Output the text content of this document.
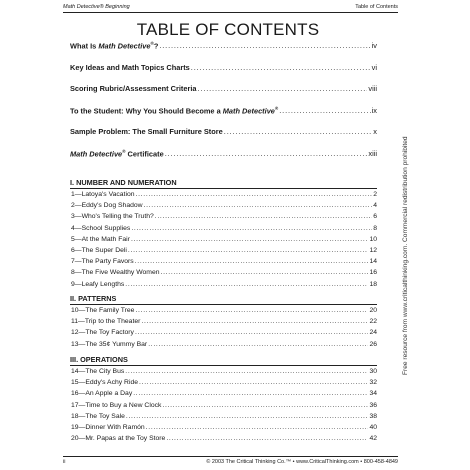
Math Detective® Beginning	Table of Contents
TABLE OF CONTENTS
What Is Math Detective®? . . .	iv
Key Ideas and Math Topics Charts . . .	vi
Scoring Rubric/Assessment Criteria . . .	viii
To the Student: Why You Should Become a Math Detective® . . .	ix
Sample Problem: The Small Furniture Store . . .	x
Math Detective® Certificate . . .	xiii
I. NUMBER AND NUMERATION
1—Latoya's Vacation . . .	2
2—Eddy's Dog Shadow . . .	4
3—Who's Telling the Truth? . . .	6
4—School Supplies . . .	8
5—At the Math Fair . . .	10
6—The Super Deli . . .	12
7—The Party Favors . . .	14
8—The Five Wealthy Women . . .	16
9—Leafy Lengths . . .	18
II. PATTERNS
10—The Family Tree . . .	20
11—Trip to the Theater . . .	22
12—The Toy Factory . . .	24
13—The 35¢ Yummy Bar . . .	26
III. OPERATIONS
14—The City Bus . . .	30
15—Eddy's Achy Ride . . .	32
16—An Apple a Day . . .	34
17—Time to Buy a New Clock . . .	36
18—The Toy Sale . . .	38
19—Dinner With Ramón . . .	40
20—Mr. Papas at the Toy Store . . .	42
Free resource from www.criticalthinking.com. Commercial redistribution prohibited
ii	© 2003 The Critical Thinking Co.™ • www.CriticalThinking.com • 800-458-4849
